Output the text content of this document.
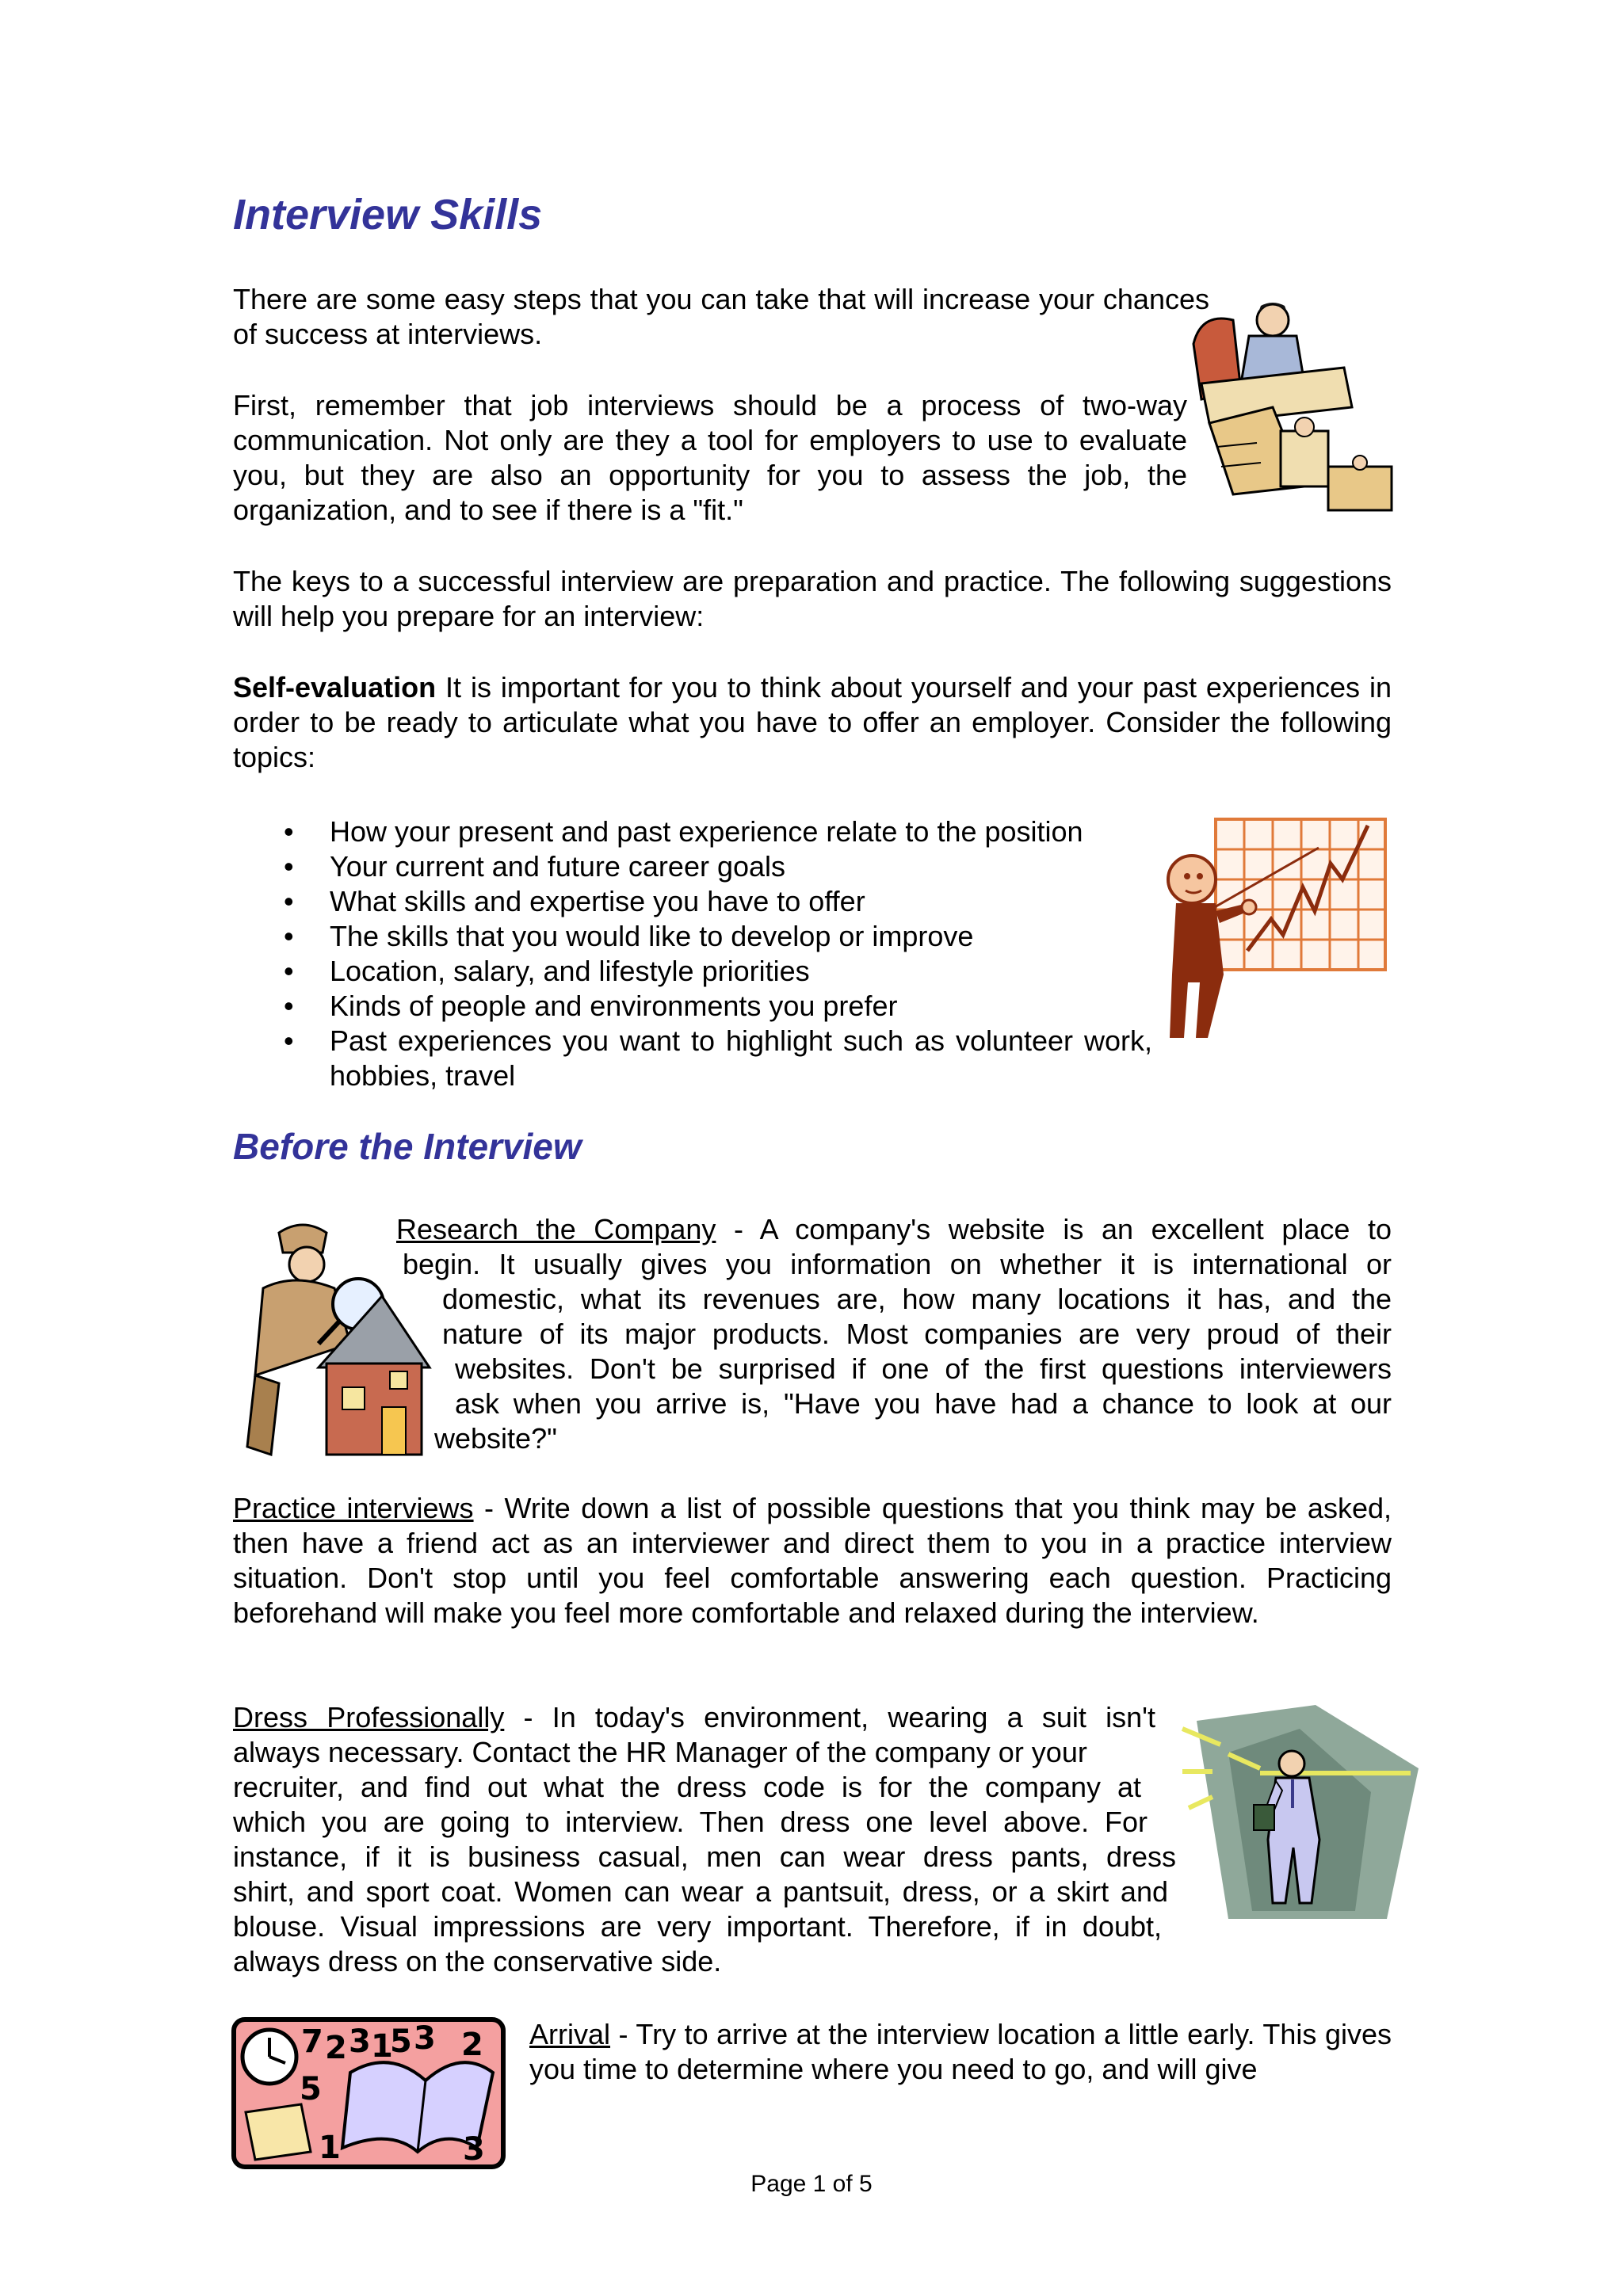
Interview Skills

There are some easy steps that you can take that will increase your chances of success at interviews.

First, remember that job interviews should be a process of two-way communication. Not only are they a tool for employers to use to evaluate you, but they are also an opportunity for you to assess the job, the organization, and to see if there is a "fit."

The keys to a successful interview are preparation and practice. The following suggestions will help you prepare for an interview:

Self-evaluation It is important for you to think about yourself and your past experiences in order to be ready to articulate what you have to offer an employer. Consider the following topics:

• How your present and past experience relate to the position
• Your current and future career goals
• What skills and expertise you have to offer
• The skills that you would like to develop or improve
• Location, salary, and lifestyle priorities
• Kinds of people and environments you prefer
• Past experiences you want to highlight such as volunteer work, hobbies, travel
Before the Interview
Research the Company - A company's website is an excellent place to
begin. It usually gives you information on whether it is international or
domestic, what its revenues are, how many locations it has, and the
nature of its major products. Most companies are very proud of their
websites. Don't be surprised if one of the first questions interviewers
ask when you arrive is, "Have you have had a chance to look at our
website?"

Practice interviews - Write down a list of possible questions that you think may be asked, then have a friend act as an interviewer and direct them to you in a practice interview situation. Don't stop until you feel comfortable answering each question. Practicing beforehand will make you feel more comfortable and relaxed during the interview.

Dress Professionally - In today's environment, wearing a suit isn't
always necessary. Contact the HR Manager of the company or your
recruiter, and find out what the dress code is for the company at
which you are going to interview. Then dress one level above. For
instance, if it is business casual, men can wear dress pants, dress
shirt, and sport coat. Women can wear a pantsuit, dress, or a skirt and
blouse. Visual impressions are very important. Therefore, if in doubt,
always dress on the conservative side.
7 2 3 1
5 3 2
5
1	3

Arrival - Try to arrive at the interview location a little early. This gives you time to determine where you need to go, and will give

Page 1 of 5
